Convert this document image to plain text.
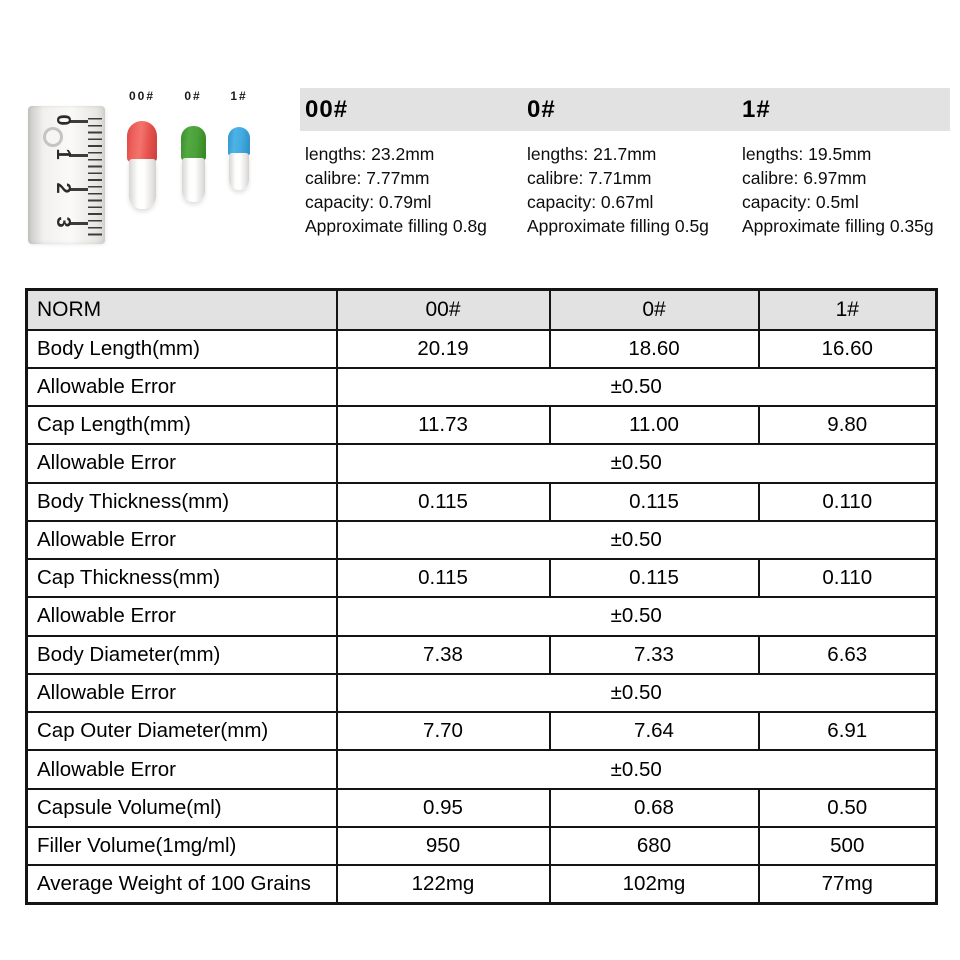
0
1
2
3
00#	0#	1#	00#
lengths: 23.2mm
calibre: 7.77mm
capacity: 0.79ml
Approximate filling 0.8g
0#
lengths: 21.7mm
calibre: 7.71mm
capacity: 0.67ml
Approximate filling 0.5g
1#
lengths: 19.5mm
calibre: 6.97mm
capacity: 0.5ml
Approximate filling 0.35g
NORM	00#	0#	1#
Body Length(mm)	20.19	18.60	16.60
Allowable Error	±0.50		
Cap Length(mm)	11.73	11.00	9.80
Allowable Error	±0.50		
Body Thickness(mm)	0.115	0.115	0.110
Allowable Error	±0.50		
Cap Thickness(mm)	0.115	0.115	0.110
Allowable Error	±0.50		
Body Diameter(mm)	7.38	7.33	6.63
Allowable Error	±0.50		
Cap Outer Diameter(mm)	7.70	7.64	6.91
Allowable Error	±0.50		
Capsule Volume(ml)	0.95	0.68	0.50
Filler Volume(1mg/ml)	950	680	500
Average Weight of 100 Grains	122mg	102mg	77mg
